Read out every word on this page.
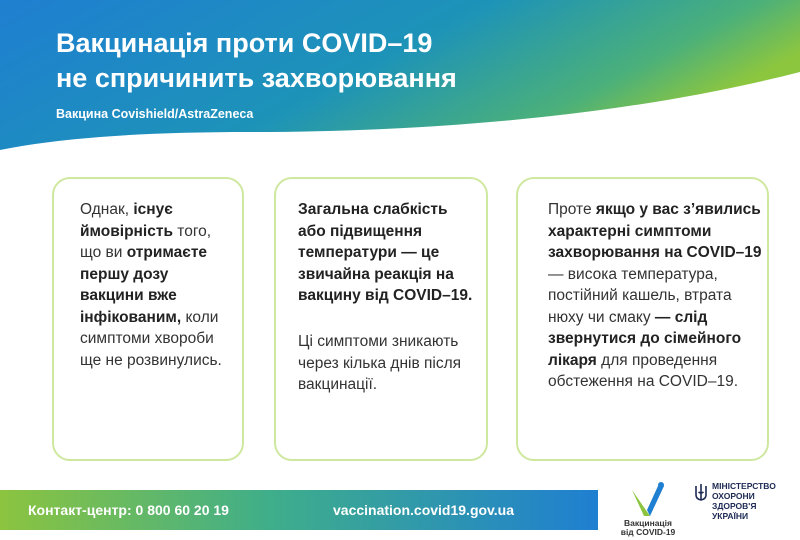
Вакцинація проти COVID–19
не спричинить захворювання
Вакцина Covishield/AstraZeneca
Однак, існує ймовірність того, що ви отримаєте першу дозу вакцини вже інфікованим, коли симптоми хвороби ще не розвинулись.
Загальна слабкість або підвищення температури — це звичайна реакція на вакцину від COVID–19.
Ці симптоми зникають через кілька днів після вакцинації.
Проте якщо у вас з’явились характерні симптоми захворювання на COVID–19 — висока температура, постійний кашель, втрата нюху чи смаку — слід звернутися до сімейного лікаря для проведення обстеження на COVID–19.
Контакт-центр: 0 800 60 20 19	vaccination.covid19.gov.ua
Вакцинація
від COVID-19
МІНІСТЕРСТВО
ОХОРОНИ
ЗДОРОВ'Я
УКРАЇНИ
